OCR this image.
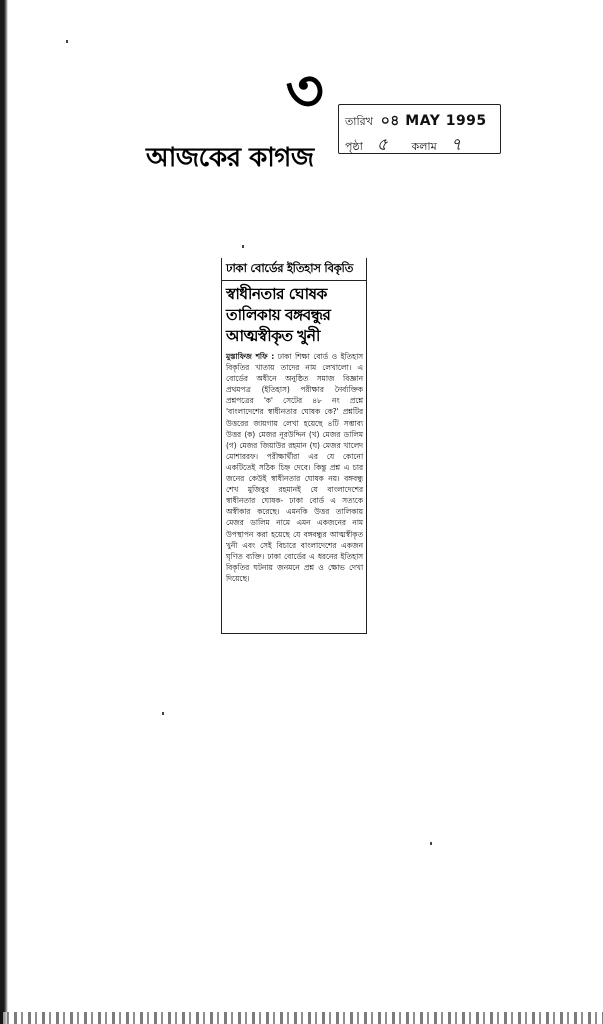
৩	তারিখ ০৪ MAY 1995
পৃষ্ঠা ৫ কলাম ৭
আজকের কাগজ
ঢাকা বোর্ডের ইতিহাস বিকৃতি
স্বাধীনতার ঘোষক তালিকায় বঙ্গবন্ধুর আত্মস্বীকৃত খুনী
মুস্তাফিজ শফি : ঢাকা শিক্ষা বোর্ড ও ইতিহাস বিকৃতির খাতায় তাদের নাম লেখালো। এ বোর্ডের অধীনে অনুষ্ঠিত সমাজ বিজ্ঞান প্রথমপত্র (ইতিহাস) পরীক্ষার নৈর্ব্যক্তিক প্রশ্নপত্রের 'ক' সেটের ৪৮ নং প্রশ্নে 'বাংলাদেশের স্বাধীনতার ঘোষক কে?' প্রশ্নটির উত্তরের জায়গায় লেখা হয়েছে ৪টি সম্ভাব্য উত্তর (ক) মেজর নূরউদ্দিন (খ) মেজর ডালিম (গ) মেজর জিয়াউর রহমান (ঘ) মেজর খালেদ মোশাররফ। পরীক্ষার্থীরা এর যে কোনো একটিতেই সঠিক চিহ্ন দেবে। কিন্তু প্রশ্ন এ চার জনের কেউই স্বাধীনতার ঘোষক নয়। বঙ্গবন্ধু শেখ মুজিবুর রহমানই যে বাংলাদেশের স্বাধীনতার ঘোষক- ঢাকা বোর্ড এ সত্যকে অস্বীকার করেছে। এমনকি উত্তর তালিকায় মেজর ডালিম নামে এমন একজনের নাম উপস্থাপন করা হয়েছে যে বঙ্গবন্ধুর আত্মস্বীকৃত খুনী এবং সেই বিচারে বাংলাদেশের একজন ঘৃণিত ব্যক্তি। ঢাকা বোর্ডের এ ধরনের ইতিহাস বিকৃতির ঘটনায় জনমনে প্রশ্ন ও ক্ষোভ দেখা দিয়েছে।
